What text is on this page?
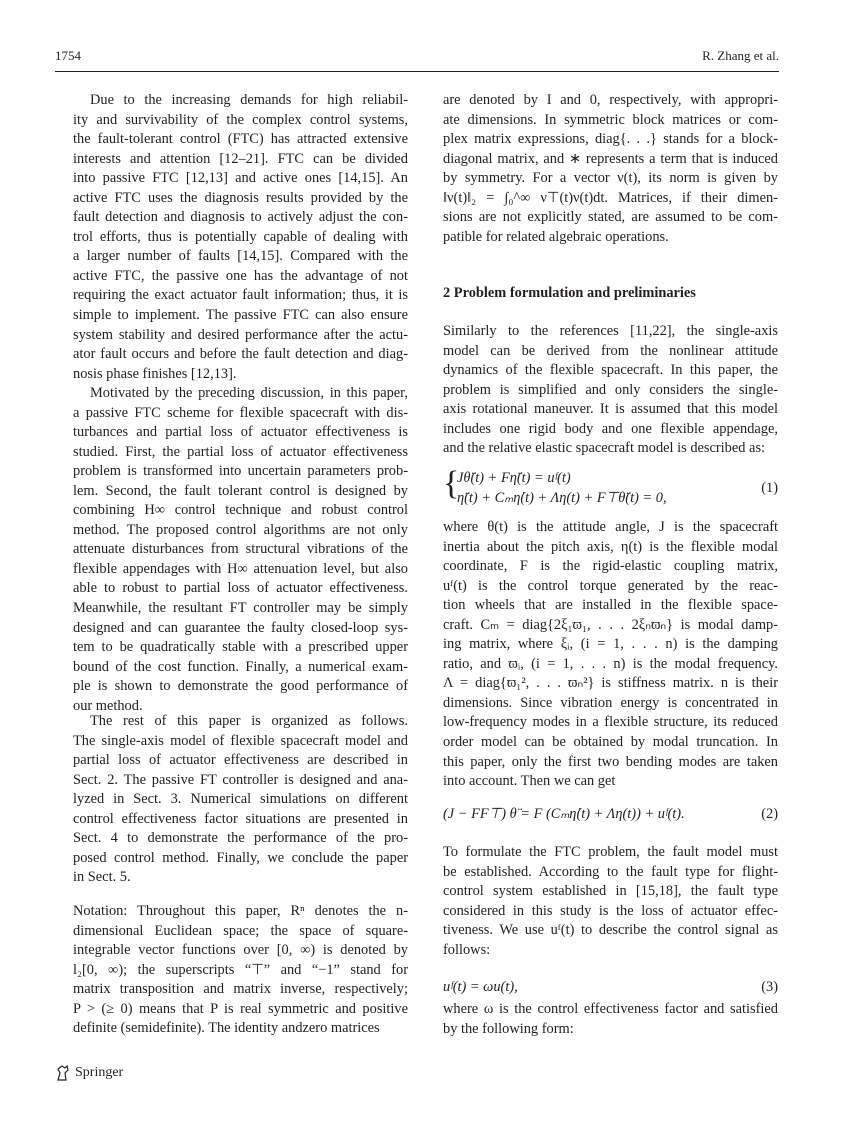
1754	R. Zhang et al.
Due to the increasing demands for high reliabil-
ity and survivability of the complex control systems,
the fault-tolerant control (FTC) has attracted extensive
interests and attention [12–21]. FTC can be divided
into passive FTC [12,13] and active ones [14,15]. An
active FTC uses the diagnosis results provided by the
fault detection and diagnosis to actively adjust the con-
trol efforts, thus is potentially capable of dealing with
a larger number of faults [14,15]. Compared with the
active FTC, the passive one has the advantage of not
requiring the exact actuator fault information; thus, it is
simple to implement. The passive FTC can also ensure
system stability and desired performance after the actu-
ator fault occurs and before the fault detection and diag-
nosis phase finishes [12,13].
Motivated by the preceding discussion, in this paper,
a passive FTC scheme for flexible spacecraft with dis-
turbances and partial loss of actuator effectiveness is
studied. First, the partial loss of actuator effectiveness
problem is transformed into uncertain parameters prob-
lem. Second, the fault tolerant control is designed by
combining H∞ control technique and robust control
method. The proposed control algorithms are not only
attenuate disturbances from structural vibrations of the
flexible appendages with H∞ attenuation level, but also
able to robust to partial loss of actuator effectiveness.
Meanwhile, the resultant FT controller may be simply
designed and can guarantee the faulty closed-loop sys-
tem to be quadratically stable with a prescribed upper
bound of the cost function. Finally, a numerical exam-
ple is shown to demonstrate the good performance of
our method.
The rest of this paper is organized as follows.
The single-axis model of flexible spacecraft model and
partial loss of actuator effectiveness are described in
Sect. 2. The passive FT controller is designed and ana-
lyzed in Sect. 3. Numerical simulations on different
control effectiveness factor situations are presented in
Sect. 4 to demonstrate the performance of the pro-
posed control method. Finally, we conclude the paper
in Sect. 5.
Notation: Throughout this paper, Rⁿ denotes the n-
dimensional Euclidean space; the space of square-
integrable vector functions over [0, ∞) is denoted by
l₂[0, ∞); the superscripts “⊤” and “−1” stand for
matrix transposition and matrix inverse, respectively;
P > (≥ 0) means that P is real symmetric and positive
definite (semidefinite). The identity andzero matrices
are denoted by I and 0, respectively, with appropri-
ate dimensions. In symmetric block matrices or com-
plex matrix expressions, diag{. . .} stands for a block-
diagonal matrix, and ∗ represents a term that is induced
by symmetry. For a vector ν(t), its norm is given by
‖ν(t)‖₂ = ∫₀^∞ ν⊤(t)ν(t)dt. Matrices, if their dimen-
sions are not explicitly stated, are assumed to be com-
patible for related algebraic operations.
2 Problem formulation and preliminaries
Similarly to the references [11,22], the single-axis
model can be derived from the nonlinear attitude
dynamics of the flexible spacecraft. In this paper, the
problem is simplified and only considers the single-
axis rotational maneuver. It is assumed that this model
includes one rigid body and one flexible appendage,
and the relative elastic spacecraft model is described as:
{
Jθ̈(t) + Fη̈(t) = uᶠ(t)
η̈(t) + Cₘη̇(t) + Λη(t) + F⊤θ̈(t) = 0,
(1)
where θ(t) is the attitude angle, J is the spacecraft
inertia about the pitch axis, η(t) is the flexible modal
coordinate, F is the rigid-elastic coupling matrix,
uᶠ(t) is the control torque generated by the reac-
tion wheels that are installed in the flexible space-
craft. Cₘ = diag{2ξ₁ϖ₁, . . . 2ξₙϖₙ} is modal damp-
ing matrix, where ξᵢ, (i = 1, . . . n) is the damping
ratio, and ϖᵢ, (i = 1, . . . n) is the modal frequency.
Λ = diag{ϖ₁², . . . ϖₙ²} is stiffness matrix. n is their
dimensions. Since vibration energy is concentrated in
low-frequency modes in a flexible structure, its reduced
order model can be obtained by modal truncation. In
this paper, only the first two bending modes are taken
into account. Then we can get
(J − FF⊤) θ̈ = F (Cₘη̇(t) + Λη(t)) + uᶠ(t).	(2)
To formulate the FTC problem, the fault model must
be established. According to the fault type for flight-
control system established in [15,18], the fault type
considered in this study is the loss of actuator effec-
tiveness. We use uᶠ(t) to describe the control signal as
follows:
uᶠ(t) = ωu(t),	(3)
where ω is the control effectiveness factor and satisfied
by the following form:
Springer
